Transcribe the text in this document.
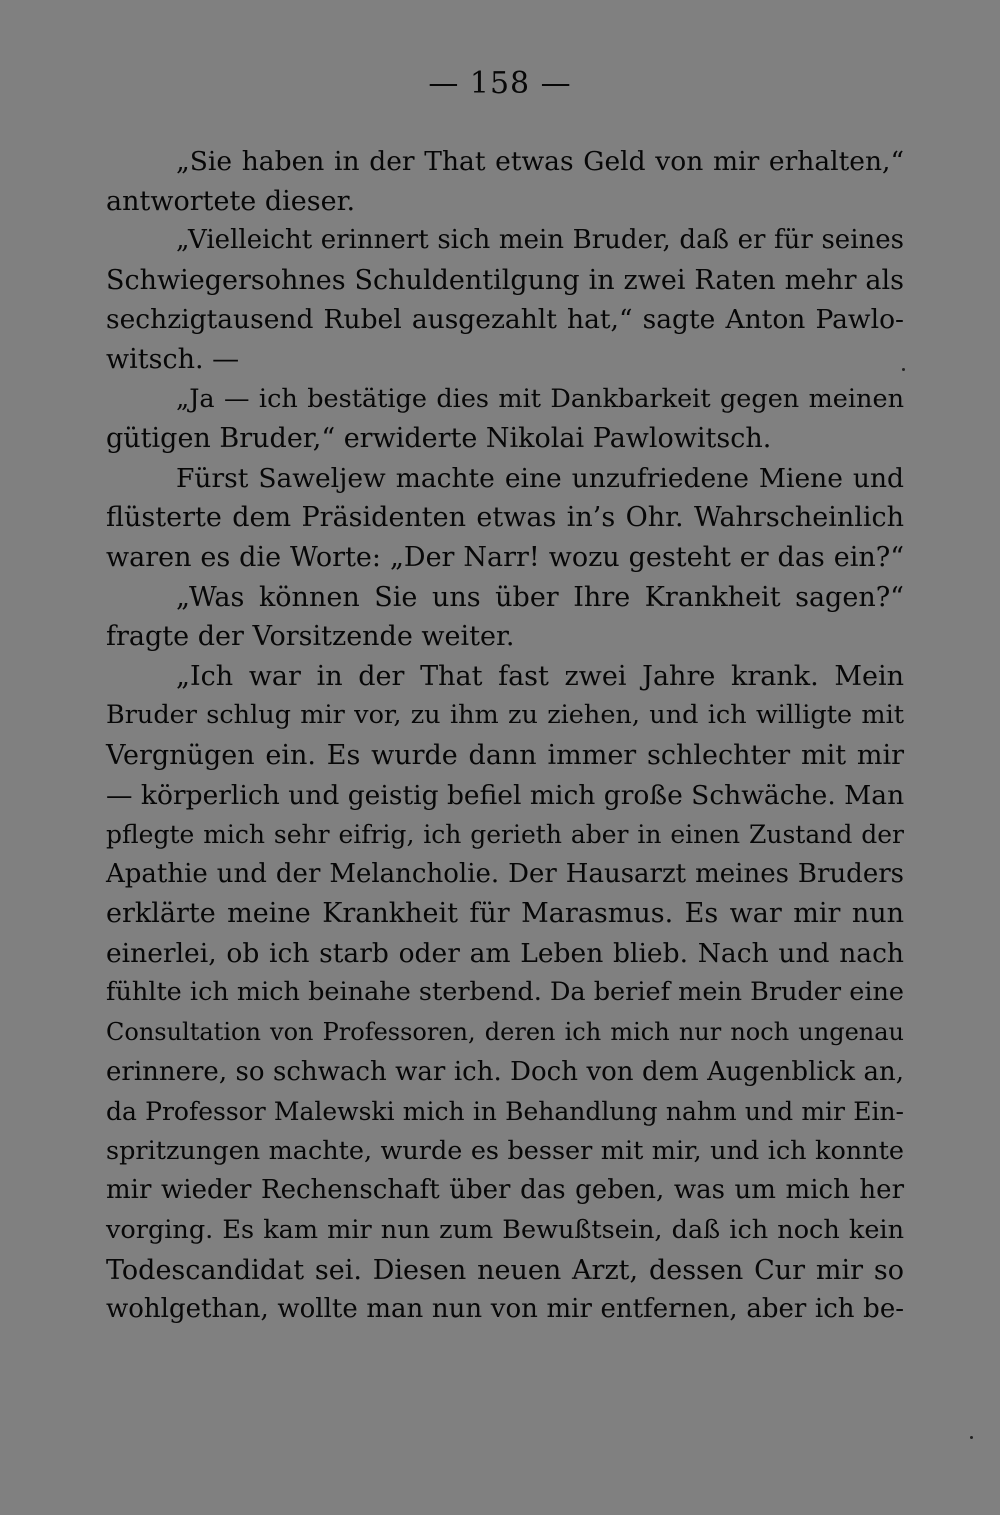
— 158 —
„Sie haben in der That etwas Geld von mir erhalten,“
antwortete dieser.
„Vielleicht erinnert sich mein Bruder, daß er für seines
Schwiegersohnes Schuldentilgung in zwei Raten mehr als
sechzigtausend Rubel ausgezahlt hat,“ sagte Anton Pawlo-
witsch. —
„Ja — ich bestätige dies mit Dankbarkeit gegen meinen
gütigen Bruder,“ erwiderte Nikolai Pawlowitsch.
Fürst Saweljew machte eine unzufriedene Miene und
flüsterte dem Präsidenten etwas in’s Ohr. Wahrscheinlich
waren es die Worte: „Der Narr! wozu gesteht er das ein?“
„Was können Sie uns über Ihre Krankheit sagen?“
fragte der Vorsitzende weiter.
„Ich war in der That fast zwei Jahre krank. Mein
Bruder schlug mir vor, zu ihm zu ziehen, und ich willigte mit
Vergnügen ein. Es wurde dann immer schlechter mit mir
— körperlich und geistig befiel mich große Schwäche. Man
pflegte mich sehr eifrig, ich gerieth aber in einen Zustand der
Apathie und der Melancholie. Der Hausarzt meines Bruders
erklärte meine Krankheit für Marasmus. Es war mir nun
einerlei, ob ich starb oder am Leben blieb. Nach und nach
fühlte ich mich beinahe sterbend. Da berief mein Bruder eine
Consultation von Professoren, deren ich mich nur noch ungenau
erinnere, so schwach war ich. Doch von dem Augenblick an,
da Professor Malewski mich in Behandlung nahm und mir Ein-
spritzungen machte, wurde es besser mit mir, und ich konnte
mir wieder Rechenschaft über das geben, was um mich her
vorging. Es kam mir nun zum Bewußtsein, daß ich noch kein
Todescandidat sei. Diesen neuen Arzt, dessen Cur mir so
wohlgethan, wollte man nun von mir entfernen, aber ich be-
